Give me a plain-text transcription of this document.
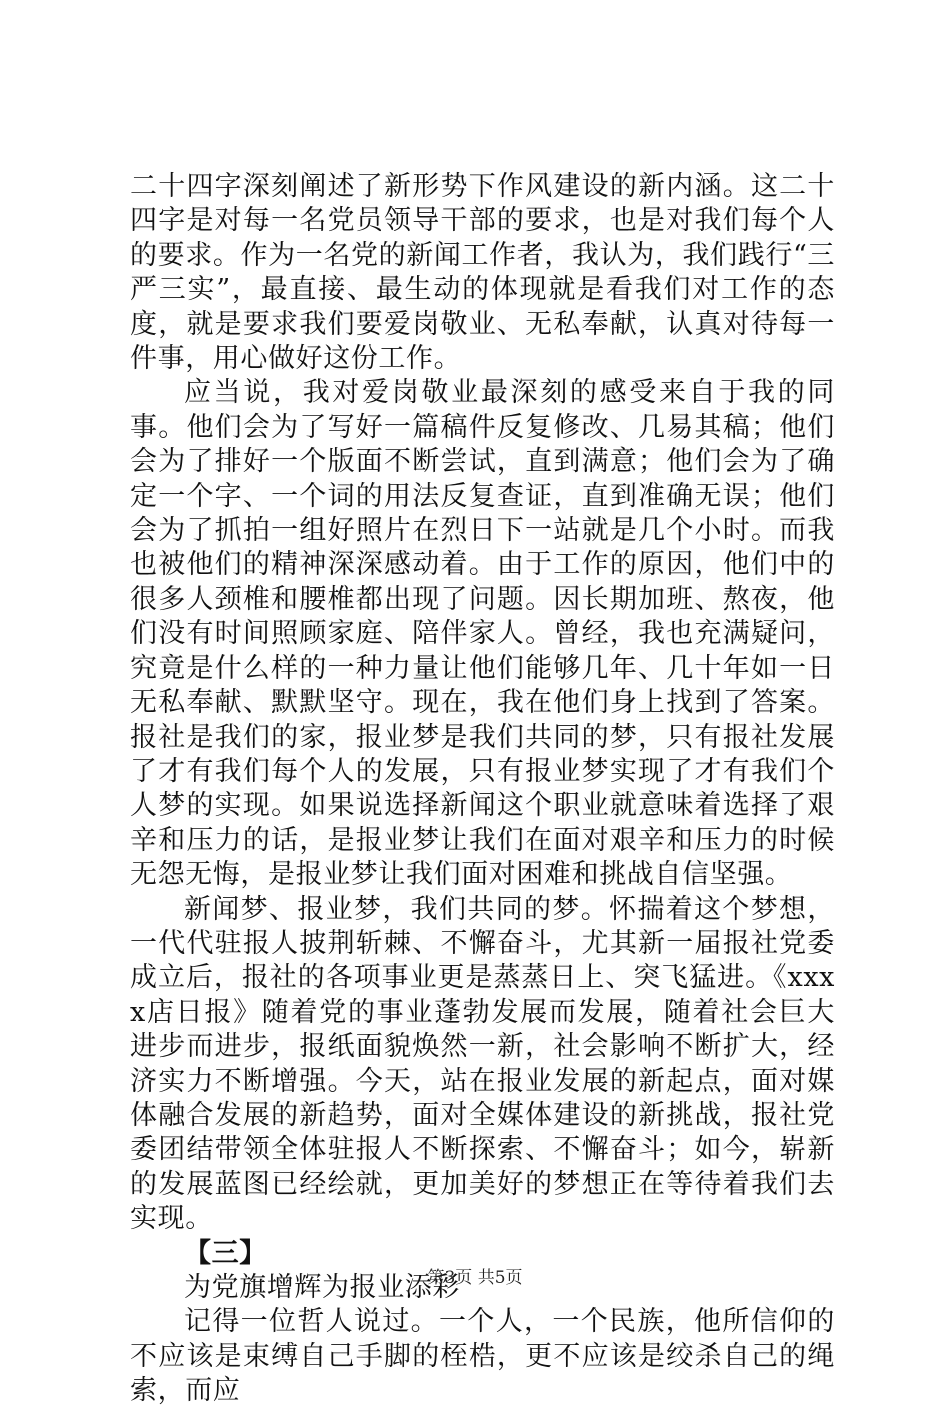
二十四字深刻阐述了新形势下作风建设的新内涵。这二十四字是对每一名党员领导干部的要求，也是对我们每个人的要求。作为一名党的新闻工作者，我认为，我们践行“三严三实”，最直接、最生动的体现就是看我们对工作的态度，就是要求我们要爱岗敬业、无私奉献，认真对待每一件事，用心做好这份工作。

应当说，我对爱岗敬业最深刻的感受来自于我的同事。他们会为了写好一篇稿件反复修改、几易其稿；他们会为了排好一个版面不断尝试，直到满意；他们会为了确定一个字、一个词的用法反复查证，直到准确无误；他们会为了抓拍一组好照片在烈日下一站就是几个小时。而我也被他们的精神深深感动着。由于工作的原因，他们中的很多人颈椎和腰椎都出现了问题。因长期加班、熬夜，他们没有时间照顾家庭、陪伴家人。曾经，我也充满疑问，究竟是什么样的一种力量让他们能够几年、几十年如一日无私奉献、默默坚守。现在，我在他们身上找到了答案。报社是我们的家，报业梦是我们共同的梦，只有报社发展了才有我们每个人的发展，只有报业梦实现了才有我们个人梦的实现。如果说选择新闻这个职业就意味着选择了艰辛和压力的话，是报业梦让我们在面对艰辛和压力的时候无怨无悔，是报业梦让我们面对困难和挑战自信坚强。

新闻梦、报业梦，我们共同的梦。怀揣着这个梦想，一代代驻报人披荆斩棘、不懈奋斗，尤其新一届报社党委成立后，报社的各项事业更是蒸蒸日上、突飞猛进。《xxxx店日报》随着党的事业蓬勃发展而发展，随着社会巨大进步而进步，报纸面貌焕然一新，社会影响不断扩大，经济实力不断增强。今天，站在报业发展的新起点，面对媒体融合发展的新趋势，面对全媒体建设的新挑战，报社党委团结带领全体驻报人不断探索、不懈奋斗；如今，崭新的发展蓝图已经绘就，更加美好的梦想正在等待着我们去实现。

【三】

为党旗增辉为报业添彩

记得一位哲人说过。一个人，一个民族，他所信仰的不应该是束缚自己手脚的桎梏，更不应该是绞杀自己的绳索，而应

第3页 共5页
